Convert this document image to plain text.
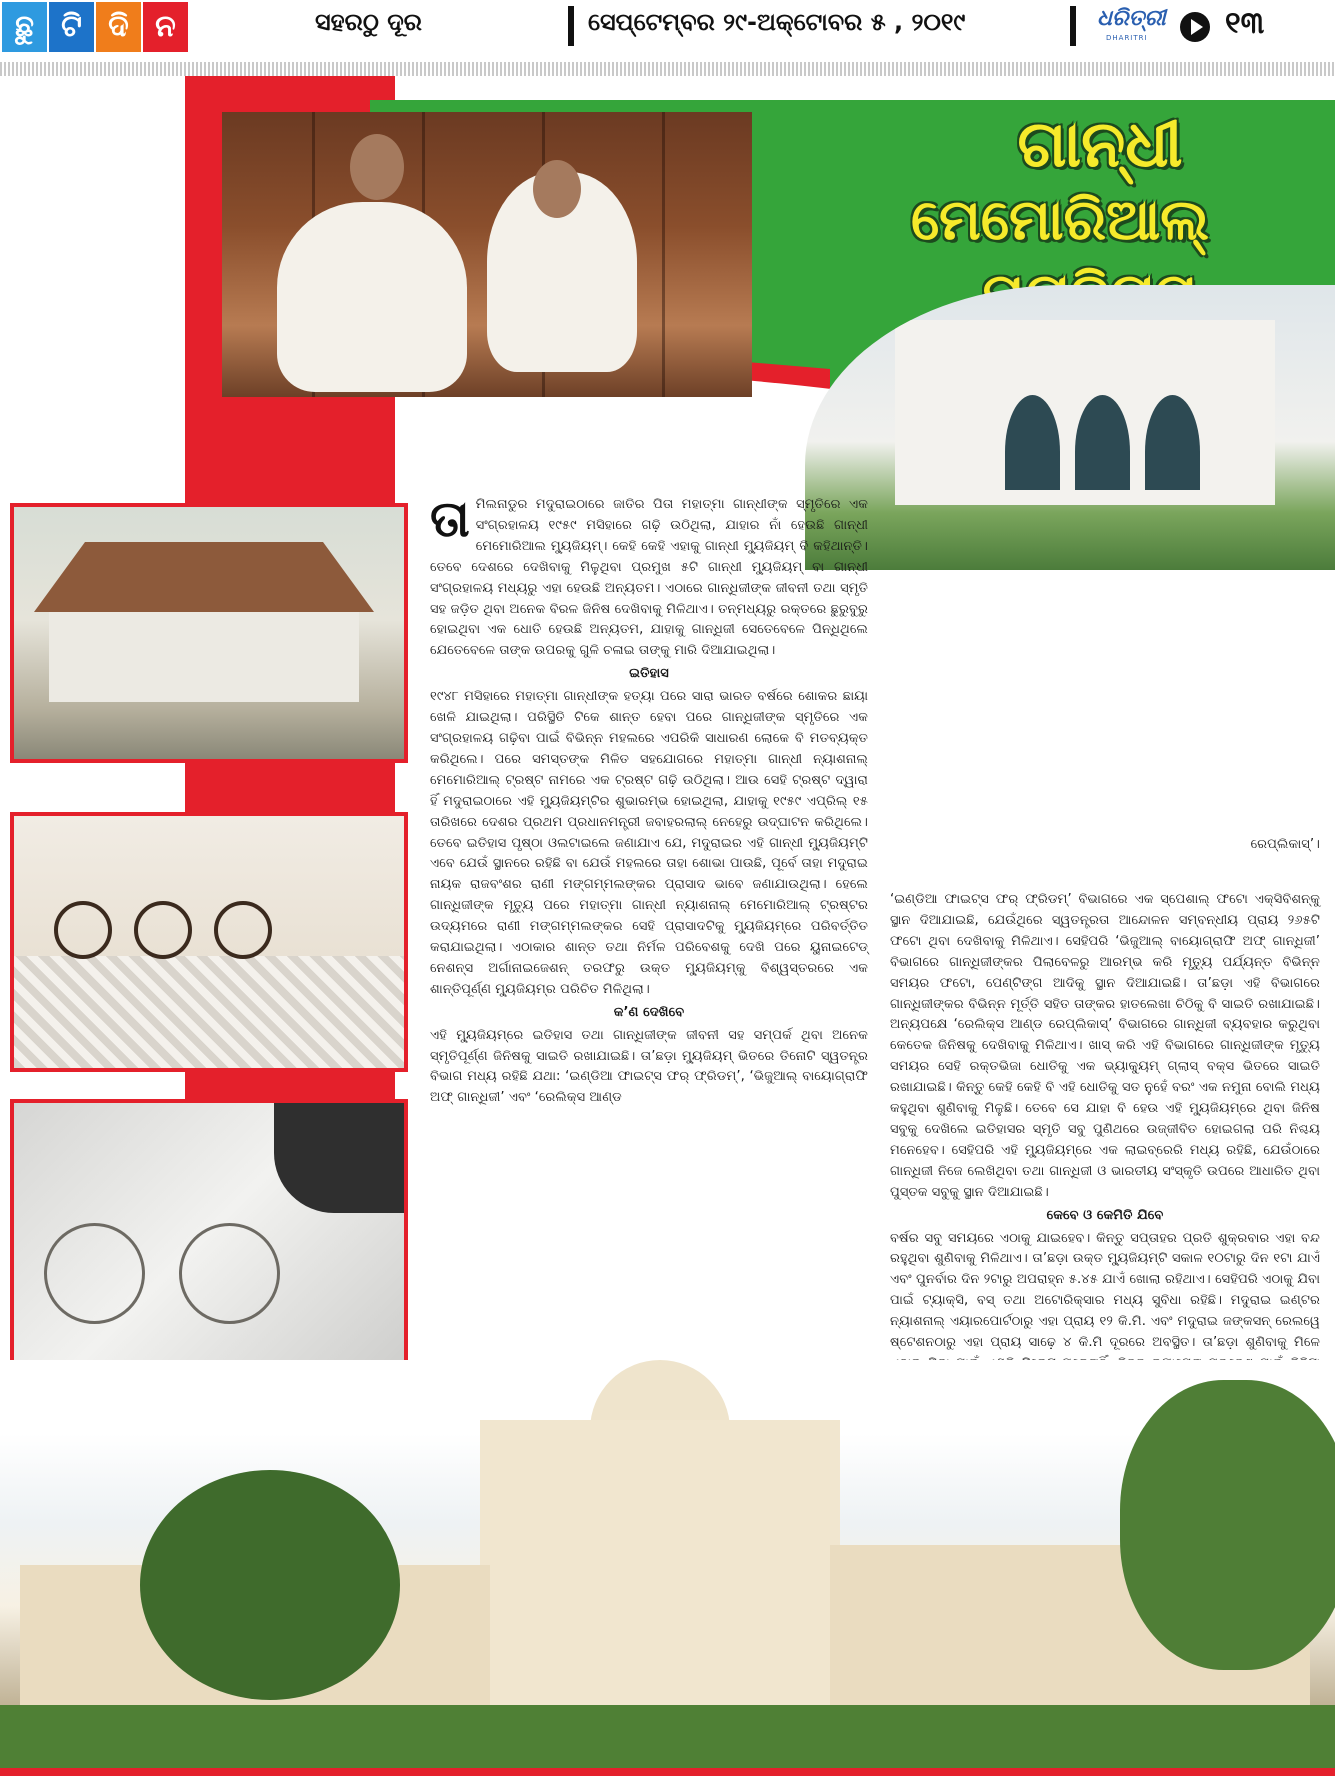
ଛୁ ଟି ଦି ନ	ସହରଠୁ ଦୂର	ସେପ୍ଟେମ୍ବର ୨୯-ଅକ୍ଟୋବର ୫ , ୨୦୧୯	ଧରିତ୍ରୀ
DHARITRI	୧୩
ଗାନ୍ଧୀ
ମେମୋରିଆଲ୍
ତା ମିଲନାଡୁର ମଦୁରାଇଠାରେ ଜାତିର ପିତା ମହାତ୍ମା ଗାନ୍ଧୀଙ୍କ ସ୍ମୃତିରେ ଏକ ସଂଗ୍ରହାଳୟ ୧୯୫୯ ମସିହାରେ ଗଢ଼ି ଉଠିଥିଲା, ଯାହାର ନାଁ ହେଉଛି ଗାନ୍ଧୀ ମେମୋରିଆଲ ମ୍ୟୁଜିୟମ୍। କେହି କେହି ଏହାକୁ ଗାନ୍ଧୀ ମ୍ୟୁଜିୟମ୍ ବି କହିଥାନ୍ତି। ତେବେ ଦେଶରେ ଦେଖିବାକୁ ମିଳୁଥିବା ପ୍ରମୁଖ ୫ଟି ଗାନ୍ଧୀ ମ୍ୟୁଜିୟମ୍ ବା ଗାନ୍ଧୀ ସଂଗ୍ରହାଳୟ ମଧ୍ୟରୁ ଏହା ହେଉଛି ଅନ୍ୟତମ। ଏଠାରେ ଗାନ୍ଧିଜୀଙ୍କ ଜୀବନୀ ତଥା ସ୍ମୃତି ସହ ଜଡ଼ିତ ଥିବା ଅନେକ ବିରଳ ଜିନିଷ ଦେଖିବାକୁ ମିଳିଥାଏ। ତନ୍ମଧ୍ୟରୁ ରକ୍ତରେ ଛୁରୁବୁରୁ ହୋଇଥିବା ଏକ ଧୋତି ହେଉଛି ଅନ୍ୟତମ, ଯାହାକୁ ଗାନ୍ଧିଜୀ ସେତେବେଳେ ପିନ୍ଧିଥିଲେ ଯେତେବେଳେ ତାଙ୍କ ଉପରକୁ ଗୁଳି ଚଳାଇ ତାଙ୍କୁ ମାରି ଦିଆଯାଇଥିଲା।

ଇତିହାସ

୧୯୪୮ ମସିହାରେ ମହାତ୍ମା ଗାନ୍ଧୀଙ୍କ ହତ୍ୟା ପରେ ସାରା ଭାରତ ବର୍ଷରେ ଶୋକର ଛାୟା ଖେଳି ଯାଇଥିଲା। ପରିସ୍ଥିତି ଟିକେ ଶାନ୍ତ ହେବା ପରେ ଗାନ୍ଧିଜୀଙ୍କ ସ୍ମୃତିରେ ଏକ ସଂଗ୍ରହାଳୟ ଗଢ଼ିବା ପାଇଁ ବିଭିନ୍ନ ମହଲରେ ଏପରିକି ସାଧାରଣ ଲୋକେ ବି ମତବ୍ୟକ୍ତ କରିଥିଲେ। ପରେ ସମସ୍ତଙ୍କ ମିଳିତ ସହଯୋଗରେ ମହାତ୍ମା ଗାନ୍ଧୀ ନ୍ୟାଶନାଲ୍ ମେମୋରିଆଲ୍ ଟ୍ରଷ୍ଟ ନାମରେ ଏକ ଟ୍ରଷ୍ଟ ଗଢ଼ି ଉଠିଥିଲା। ଆଉ ସେହି ଟ୍ରଷ୍ଟ ଦ୍ୱାରା ହିଁ ମଦୁରାଇଠାରେ ଏହି ମ୍ୟୁଜିୟମ୍‌ଟିର ଶୁଭାରମ୍ଭ ହୋଇଥିଲା, ଯାହାକୁ ୧୯୫୯ ଏପ୍ରିଲ୍ ୧୫ ତାରିଖରେ ଦେଶର ପ୍ରଥମ ପ୍ରଧାନମନ୍ତ୍ରୀ ଜବାହରଲାଲ୍ ନେହେରୁ ଉଦ୍‌ଘାଟନ କରିଥିଲେ। ତେବେ ଇତିହାସ ପୃଷ୍ଠା ଓଲଟାଇଲେ ଜଣାଯାଏ ଯେ, ମଦୁରାଇର ଏହି ଗାନ୍ଧୀ ମ୍ୟୁଜିୟମ୍‌ଟି ଏବେ ଯେଉଁ ସ୍ଥାନରେ ରହିଛି ବା ଯେଉଁ ମହଲରେ ତାହା ଶୋଭା ପାଉଛି, ପୂର୍ବେ ତାହା ମଦୁରାଇ ନାୟକ ରାଜବଂଶର ରାଣୀ ମଙ୍ଗମ୍ମଲଙ୍କର ପ୍ରାସାଦ ଭାବେ ଜଣାଯାଉଥିଲା। ହେଲେ ଗାନ୍ଧିଜୀଙ୍କ ମୃତ୍ୟୁ ପରେ ମହାତ୍ମା ଗାନ୍ଧୀ ନ୍ୟାଶନାଲ୍ ମେମୋରିଆଲ୍ ଟ୍ରଷ୍ଟର ଉଦ୍ୟମରେ ରାଣୀ ମଙ୍ଗମ୍ମଲଙ୍କର ସେହି ପ୍ରାସାଦଟିକୁ ମ୍ୟୁଜିୟମ୍‌ରେ ପରିବର୍ତ୍ତିତ କରାଯାଇଥିଲା। ଏଠାକାର ଶାନ୍ତ ତଥା ନିର୍ମଳ ପରିବେଶକୁ ଦେଖି ପରେ ୟୁନାଇଟେଡ୍ ନେଶନ୍ସ ଅର୍ଗାନାଇଜେଶନ୍ ତରଫରୁ ଉକ୍ତ ମ୍ୟୁଜିୟମ୍‌କୁ ବିଶ୍ୱସ୍ତରରେ ଏକ ଶାନ୍ତିପୂର୍ଣ୍ଣ ମ୍ୟୁଜିୟମ୍‌ର ପରିଚିତ ମିଳିଥିଲା।

କ’ଣ ଦେଖିବେ

ଏହି ମ୍ୟୁଜିୟମ୍‌ରେ ଇତିହାସ ତଥା ଗାନ୍ଧିଜୀଙ୍କ ଜୀବନୀ ସହ ସମ୍ପର୍କ ଥିବା ଅନେକ ସ୍ମୃତିପୂର୍ଣ୍ଣ ଜିନିଷକୁ ସାଇତି ରଖାଯାଇଛି। ତା’ଛଡ଼ା ମ୍ୟୁଜିୟମ୍ ଭିତରେ ତିନୋଟି ସ୍ୱତନ୍ତ୍ର ବିଭାଗ ମଧ୍ୟ ରହିଛି ଯଥା: ‘ଇଣ୍ଡିଆ ଫାଇଟ୍ସ ଫର୍ ଫ୍ରିଡମ୍’, ‘ଭିଜୁଆଲ୍ ବାୟୋଗ୍ରାଫି ଅଫ୍ ଗାନ୍ଧିଜୀ’ ଏବଂ ‘ରେଲିକ୍ସ ଆଣ୍ଡ

ରେପ୍ଲିକାସ୍’।

‘ଇଣ୍ଡିଆ ଫାଇଟ୍ସ ଫର୍ ଫ୍ରିଡମ୍’ ବିଭାଗରେ ଏକ ସ୍ପେଶାଲ୍ ଫଟୋ ଏକ୍ସିବିଶନ୍‌କୁ ସ୍ଥାନ ଦିଆଯାଇଛି, ଯେଉଁଥିରେ ସ୍ୱତନ୍ତ୍ରତା ଆନ୍ଦୋଳନ ସମ୍ବନ୍ଧୀୟ ପ୍ରାୟ ୨୬୫ଟି ଫଟୋ ଥିବା ଦେଖିବାକୁ ମିଳିଥାଏ। ସେହିପରି ‘ଭିଜୁଆଲ୍ ବାୟୋଗ୍ରାଫି ଅଫ୍ ଗାନ୍ଧିଜୀ’ ବିଭାଗରେ ଗାନ୍ଧିଜୀଙ୍କର ପିଲାବେଳରୁ ଆରମ୍ଭ କରି ମୃତ୍ୟୁ ପର୍ଯ୍ୟନ୍ତ ବିଭିନ୍ନ ସମୟର ଫଟୋ, ପେଣ୍ଟିଙ୍ଗ ଆଦିକୁ ସ୍ଥାନ ଦିଆଯାଇଛି। ତା’ଛଡ଼ା ଏହି ବିଭାଗରେ ଗାନ୍ଧିଜୀଙ୍କର ବିଭିନ୍ନ ମୂର୍ତ୍ତି ସହିତ ତାଙ୍କର ହାତଲେଖା ଚିଠିକୁ ବି ସାଇତି ରଖାଯାଇଛି। ଅନ୍ୟପକ୍ଷେ ‘ରେଲିକ୍ସ ଆଣ୍ଡ ରେପ୍ଲିକାସ୍’ ବିଭାଗରେ ଗାନ୍ଧିଜୀ ବ୍ୟବହାର କରୁଥିବା କେତେକ ଜିନିଷକୁ ଦେଖିବାକୁ ମିଳିଥାଏ। ଖାସ୍ କରି ଏହି ବିଭାଗରେ ଗାନ୍ଧିଜୀଙ୍କ ମୃତ୍ୟୁ ସମୟର ସେହି ରକ୍ତଭିଜା ଧୋତିକୁ ଏକ ଭ୍ୟାକ୍ୟୁମ୍ ଗ୍ଲାସ୍ ବକ୍ସ ଭିତରେ ସାଇତି ରଖାଯାଇଛି। କିନ୍ତୁ କେହି କେହି ବି ଏହି ଧୋତିକୁ ସତ ନୁହେଁ ବରଂ ଏକ ନମୁନା ବୋଲି ମଧ୍ୟ କହୁଥିବା ଶୁଣିବାକୁ ମିଳୁଛି। ତେବେ ସେ ଯାହା ବି ହେଉ ଏହି ମ୍ୟୁଜିୟମ୍‌ରେ ଥିବା ଜିନିଷ ସବୁକୁ ଦେଖିଲେ ଇତିହାସର ସ୍ମୃତି ସବୁ ପୁଣିଥରେ ଉଜ୍ଜୀବିତ ହୋଇଗଲା ପରି ନିଶ୍ଚୟ ମନେହେବ। ସେହିପରି ଏହି ମ୍ୟୁଜିୟମ୍‌ରେ ଏକ ଲାଇବ୍ରେରି ମଧ୍ୟ ରହିଛି, ଯେଉଁଠାରେ ଗାନ୍ଧିଜୀ ନିଜେ ଲେଖିଥିବା ତଥା ଗାନ୍ଧିଜୀ ଓ ଭାରତୀୟ ସଂସ୍କୃତି ଉପରେ ଆଧାରିତ ଥିବା ପୁସ୍ତକ ସବୁକୁ ସ୍ଥାନ ଦିଆଯାଇଛି।

କେବେ ଓ କେମିତି ଯିବେ

ବର୍ଷର ସବୁ ସମୟରେ ଏଠାକୁ ଯାଇହେବ। କିନ୍ତୁ ସପ୍ତାହର ପ୍ରତି ଶୁକ୍ରବାର ଏହା ବନ୍ଦ ରହୁଥିବା ଶୁଣିବାକୁ ମିଳିଥାଏ। ତା’ଛଡ଼ା ଉକ୍ତ ମ୍ୟୁଜିୟମ୍‌ଟି ସକାଳ ୧୦ଟାରୁ ଦିନ ୧ଟା ଯାଏଁ ଏବଂ ପୁନର୍ବାର ଦିନ ୨ଟାରୁ ଅପରାହ୍ନ ୫.୪୫ ଯାଏଁ ଖୋଲା ରହିଥାଏ। ସେହିପରି ଏଠାକୁ ଯିବା ପାଇଁ ଟ୍ୟାକ୍ସି, ବସ୍ ତଥା ଅଟୋରିକ୍ସାର ମଧ୍ୟ ସୁବିଧା ରହିଛି। ମଦୁରାଇ ଇଣ୍ଟର ନ୍ୟାଶନାଲ୍ ଏୟାରପୋର୍ଟଠାରୁ ଏହା ପ୍ରାୟ ୧୨ କି.ମି. ଏବଂ ମଦୁରାଇ ଜଙ୍କସନ୍ ରେଲୱେ ଷ୍ଟେଶନଠାରୁ ଏହା ପ୍ରାୟ ସାଢ଼େ ୪ କି.ମି ଦୂରରେ ଅବସ୍ଥିତ। ତା’ଛଡ଼ା ଶୁଣିବାକୁ ମିଳେ
